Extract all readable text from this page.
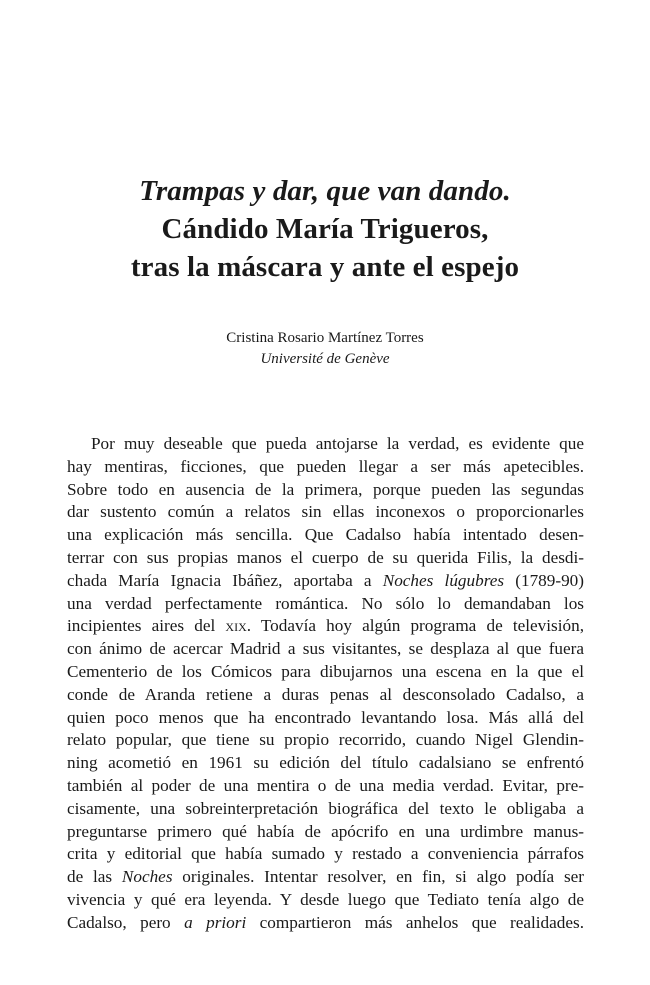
Trampas y dar, que van dando.
Cándido María Trigueros,
tras la máscara y ante el espejo
Cristina Rosario Martínez Torres
Université de Genève
Por muy deseable que pueda antojarse la verdad, es evidente que
hay mentiras, ficciones, que pueden llegar a ser más apetecibles.
Sobre todo en ausencia de la primera, porque pueden las segundas
dar sustento común a relatos sin ellas inconexos o proporcionarles
una explicación más sencilla. Que Cadalso había intentado desen-
terrar con sus propias manos el cuerpo de su querida Filis, la desdi-
chada María Ignacia Ibáñez, aportaba a Noches lúgubres (1789-90)
una verdad perfectamente romántica. No sólo lo demandaban los
incipientes aires del xix. Todavía hoy algún programa de televisión,
con ánimo de acercar Madrid a sus visitantes, se desplaza al que fuera
Cementerio de los Cómicos para dibujarnos una escena en la que el
conde de Aranda retiene a duras penas al desconsolado Cadalso, a
quien poco menos que ha encontrado levantando losa. Más allá del
relato popular, que tiene su propio recorrido, cuando Nigel Glendin-
ning acometió en 1961 su edición del título cadalsiano se enfrentó
también al poder de una mentira o de una media verdad. Evitar, pre-
cisamente, una sobreinterpretación biográfica del texto le obligaba a
preguntarse primero qué había de apócrifo en una urdimbre manus-
crita y editorial que había sumado y restado a conveniencia párrafos
de las Noches originales. Intentar resolver, en fin, si algo podía ser
vivencia y qué era leyenda. Y desde luego que Tediato tenía algo de
Cadalso, pero a priori compartieron más anhelos que realidades.
